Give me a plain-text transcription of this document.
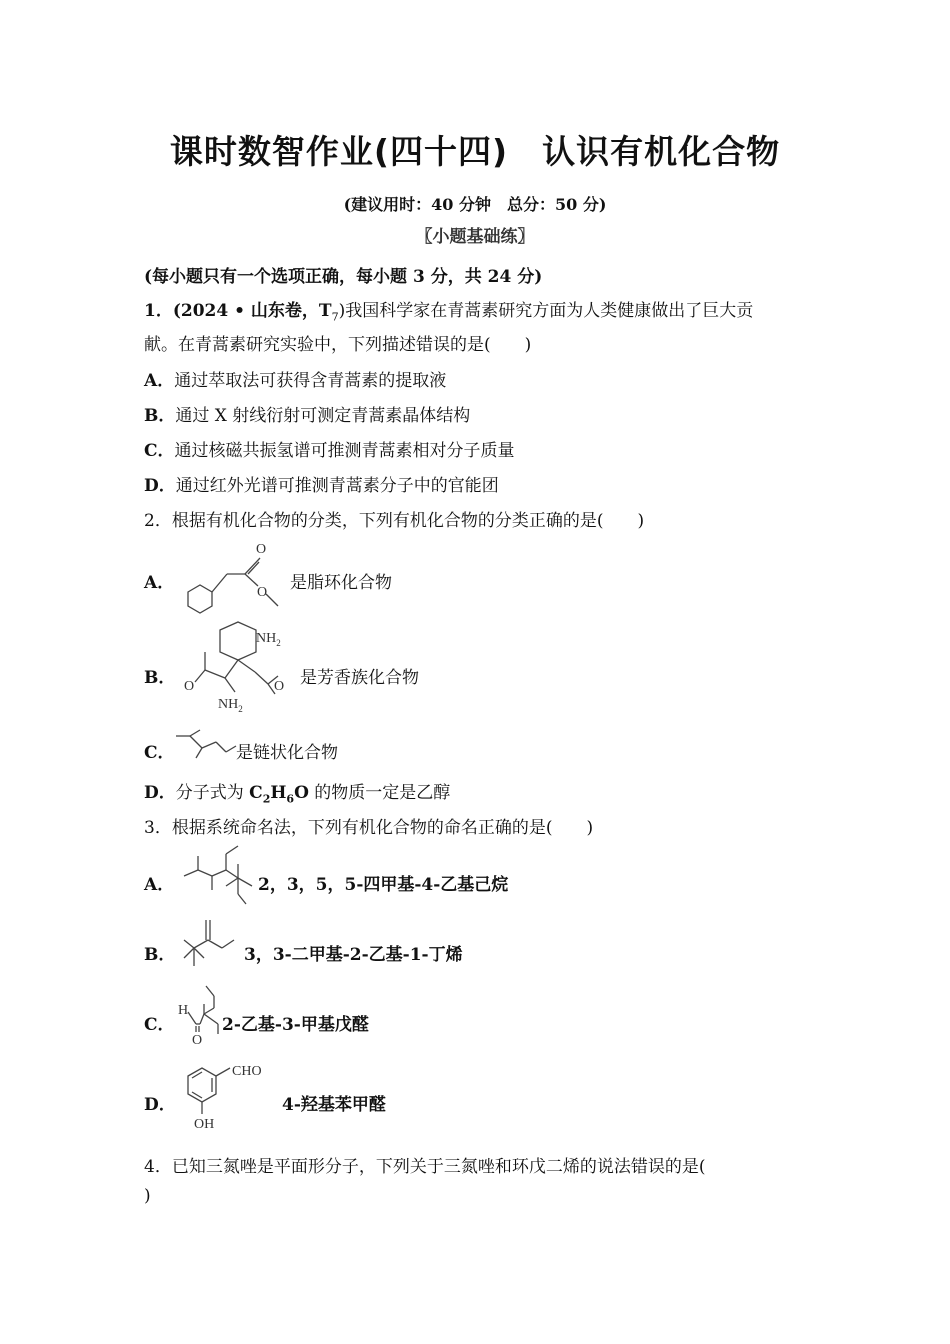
课时数智作业(四十四)　认识有机化合物
(建议用时：40 分钟　总分：50 分)
〖小题基础练〗
(每小题只有一个选项正确，每小题 3 分，共 24 分)
1．(2024 • 山东卷，$T_7$)我国科学家在青蒿素研究方面为人类健康做出了巨大贡
献。在青蒿素研究实验中，下列描述错误的是(　　)
A．通过萃取法可获得含青蒿素的提取液
B．通过 X 射线衍射可测定青蒿素晶体结构
C．通过核磁共振氢谱可推测青蒿素相对分子质量
D．通过红外光谱可推测青蒿素分子中的官能团
2．根据有机化合物的分类，下列有机化合物的分类正确的是(　　)
A．
O
O 是脂环化合物
B．
$NH_2$
O	O
$NH_2$
是芳香族化合物
C．	是链状化合物
D．分子式为 $C_2H_6O$ 的物质一定是乙醇
3．根据系统命名法，下列有机化合物的命名正确的是(　　)
A．	2，3，5，5-四甲基-4-乙基己烷
B．	3，3-二甲基-2-乙基-1-丁烯
C．
H
O
2-乙基-3-甲基戊醛
D．
CHO
OH
4-羟基苯甲醛
4．已知三氮唑是平面形分子，下列关于三氮唑和环戊二烯的说法错误的是(
)
